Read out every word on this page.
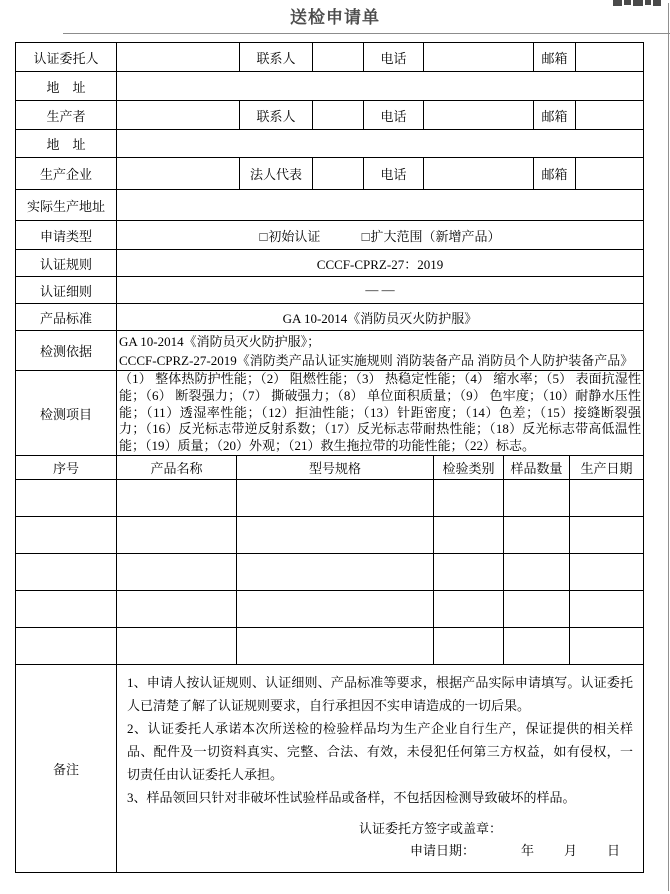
送检申请单
认证委托人		联系人		电话		邮箱	
地　址							
生产者		联系人		电话		邮箱	
地　址							
生产企业		法人代表		电话		邮箱	
实际生产地址							
申请类型	□初始认证 □扩大范围（新增产品）						

认证规则	CCCF-CPRZ-27：2019						
认证细则	— —						
产品标准	GA 10-2014《消防员灭火防护服》						
检测依据	GA 10-2014《消防员灭火防护服》；
CCCF-CPRZ-27-2019《消防类产品认证实施规则 消防装备产品 消防员个人防护装备产品》						

检测项目	（1） 整体热防护性能；（2） 阻燃性能；（3） 热稳定性能；（4） 缩水率；（5） 表面抗湿性能；（6） 断裂强力；（7） 撕破强力；（8） 单位面积质量；（9） 色牢度；（10）耐静水压性能；（11）透湿率性能；（12）拒油性能；（13）针距密度；（14）色差；（15）接缝断裂强力；（16）反光标志带逆反射系数；（17）反光标志带耐热性能；（18）反光标志带高低温性能；（19）质量；（20）外观；（21）救生拖拉带的功能性能；（22）标志。						
序号	产品名称	型号规格	检验类别	样品数量	生产日期

备注	

1、申请人按认证规则、认证细则、产品标准等要求，根据产品实际申请填写。认证委托人已清楚了解了认证规则要求，自行承担因不实申请造成的一切后果。

2、认证委托人承诺本次所送检的检验样品均为生产企业自行生产，保证提供的相关样品、配件及一切资料真实、完整、合法、有效，未侵犯任何第三方权益，如有侵权，一切责任由认证委托人承担。

3、样品领回只针对非破坏性试验样品或备样，不包括因检测导致破坏的样品。

认证委托方签字或盖章：
申请日期：	年 月 日
